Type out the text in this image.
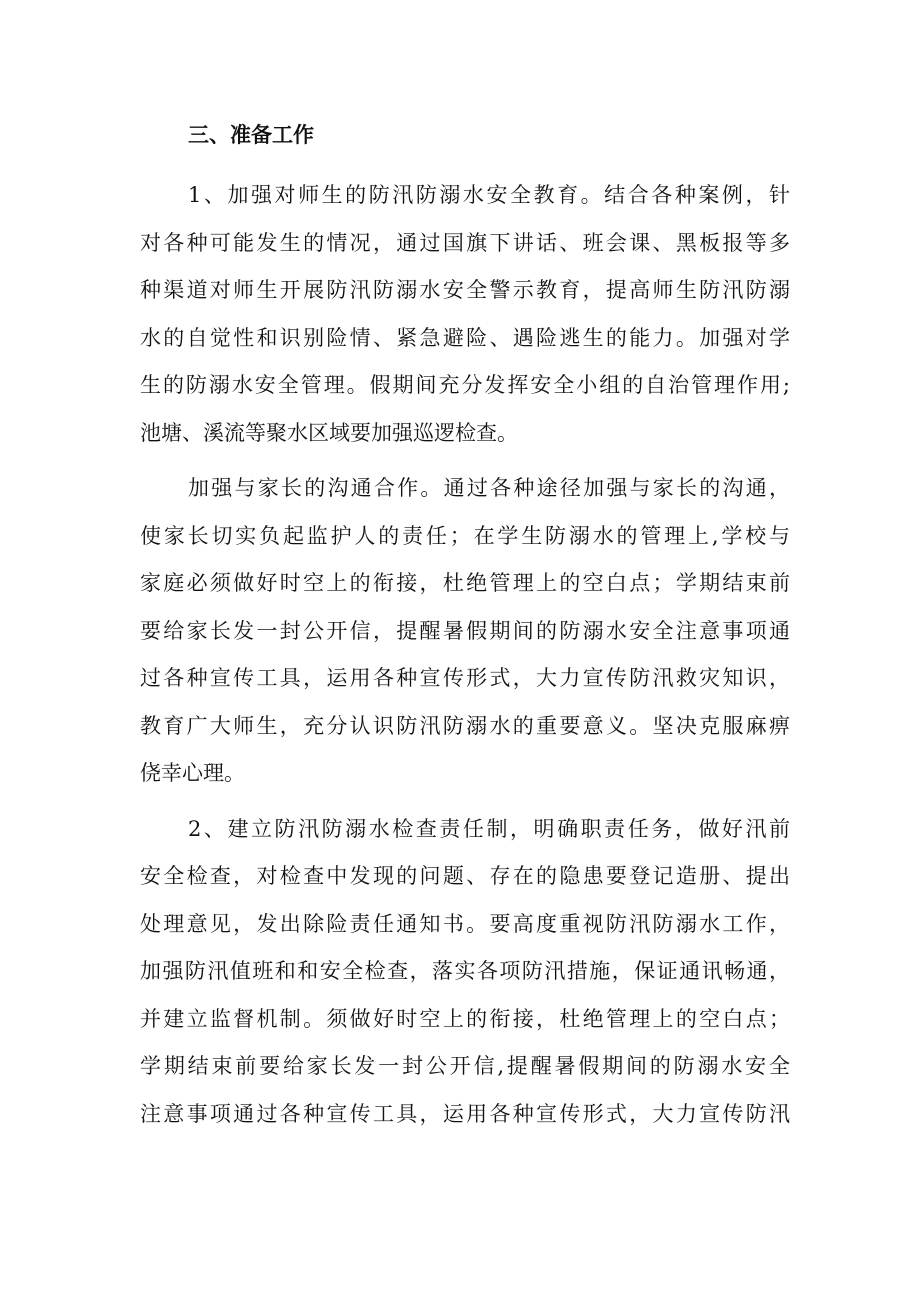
三、准备工作
1、加强对师生的防汛防溺水安全教育。结合各种案例，针
对各种可能发生的情况，通过国旗下讲话、班会课、黑板报等多
种渠道对师生开展防汛防溺水安全警示教育，提高师生防汛防溺
水的自觉性和识别险情、紧急避险、遇险逃生的能力。加强对学
生的防溺水安全管理。假期间充分发挥安全小组的自治管理作用;
池塘、溪流等聚水区域要加强巡逻检查。
加强与家长的沟通合作。通过各种途径加强与家长的沟通，
使家长切实负起监护人的责任；在学生防溺水的管理上,学校与
家庭必须做好时空上的衔接，杜绝管理上的空白点；学期结束前
要给家长发一封公开信，提醒暑假期间的防溺水安全注意事项通
过各种宣传工具，运用各种宣传形式，大力宣传防汛救灾知识，
教育广大师生，充分认识防汛防溺水的重要意义。坚决克服麻痹
侥幸心理。
2、建立防汛防溺水检查责任制，明确职责任务，做好汛前
安全检查，对检查中发现的问题、存在的隐患要登记造册、提出
处理意见，发出除险责任通知书。要高度重视防汛防溺水工作，
加强防汛值班和和安全检查，落实各项防汛措施，保证通讯畅通，
并建立监督机制。须做好时空上的衔接，杜绝管理上的空白点；
学期结束前要给家长发一封公开信,提醒暑假期间的防溺水安全
注意事项通过各种宣传工具，运用各种宣传形式，大力宣传防汛
